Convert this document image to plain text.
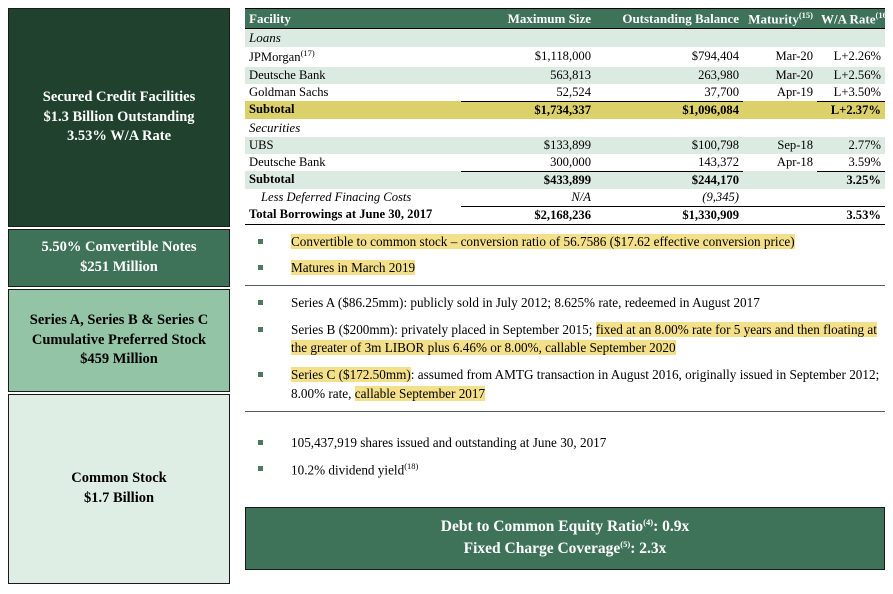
Secured Credit Facilities
$1.3 Billion Outstanding
3.53% W/A Rate
5.50% Convertible Notes
$251 Million
Series A, Series B & Series C
Cumulative Preferred Stock
$459 Million
Common Stock
$1.7 Billion
Facility	Maximum Size	Outstanding Balance	Maturity$^{(15)}$	W/A Rate$^{(16)}$
Loans				
JPMorgan$^{(17)}$	$1,118,000	$794,404	Mar-20	L+2.26%
Deutsche Bank	563,813	263,980	Mar-20	L+2.56%
Goldman Sachs	52,524	37,700	Apr-19	L+3.50%
Subtotal	$1,734,337	$1,096,084		L+2.37%
Securities				
UBS	$133,899	$100,798	Sep-18	2.77%
Deutsche Bank	300,000	143,372	Apr-18	3.59%
Subtotal	$433,899	$244,170		3.25%
Less Deferred Finacing Costs	N/A	(9,345)		
Total Borrowings at June 30, 2017	$2,168,236	$1,330,909		3.53%
Convertible to common stock – conversion ratio of 56.7586 ($17.62 effective conversion price)
Matures in March 2019
Series A ($86.25mm): publicly sold in July 2012; 8.625% rate, redeemed in August 2017
Series B ($200mm): privately placed in September 2015; fixed at an 8.00% rate for 5 years and then floating at the greater of 3m LIBOR plus 6.46% or 8.00%, callable September 2020
Series C ($172.50mm): assumed from AMTG transaction in August 2016, originally issued in September 2012; 8.00% rate, callable September 2017
105,437,919 shares issued and outstanding at June 30, 2017
10.2% dividend yield$^{(18)}$
Debt to Common Equity Ratio$^{(4)}$: 0.9x
Fixed Charge Coverage$^{(5)}$: 2.3x
